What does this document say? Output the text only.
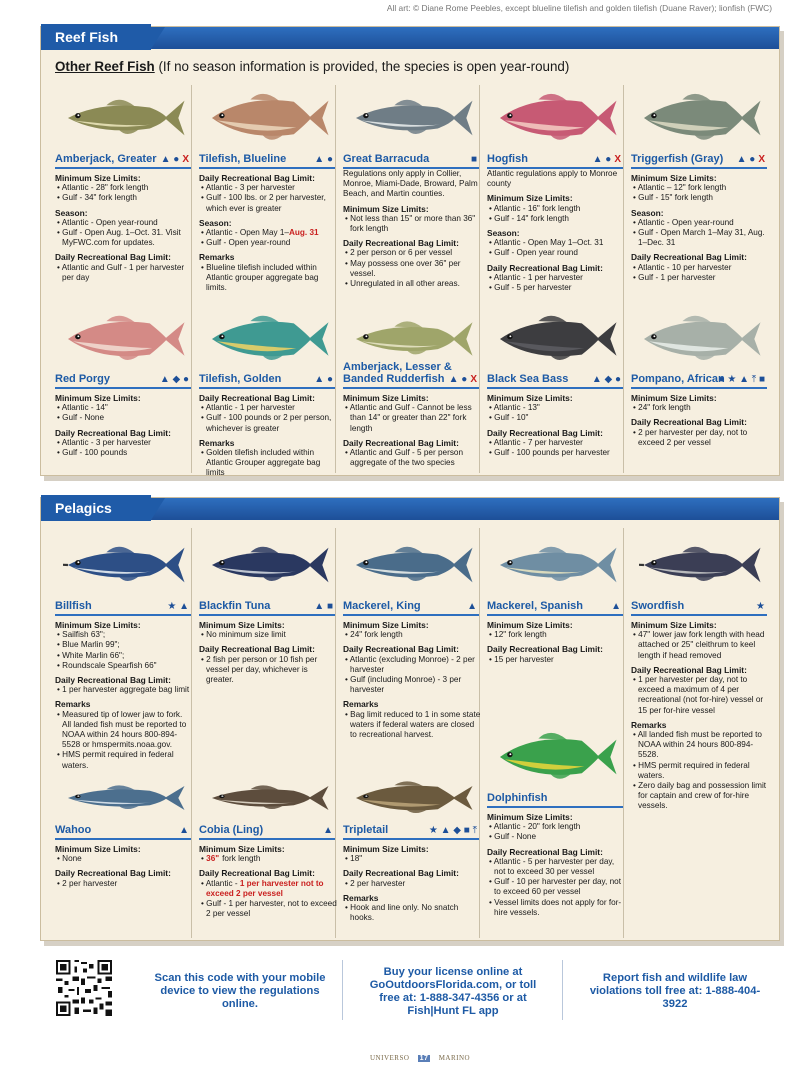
All art: © Diane Rome Peebles, except blueline tilefish and golden tilefish (Duane Raver); lionfish (FWC)
Reef Fish
Other Reef Fish (If no season information is provided, the species is open year-round)
Amberjack, Greater ▲ ● X
Minimum Size Limits:
• Atlantic - 28" fork length
• Gulf - 34" fork length
Season:
• Atlantic - Open year-round
• Gulf - Open Aug. 1–Oct. 31. Visit MyFWC.com for updates.
Daily Recreational Bag Limit:
• Atlantic and Gulf - 1 per harvester per day
Tilefish, Blueline	▲ ●
Daily Recreational Bag Limit:
• Atlantic - 3 per harvester
• Gulf - 100 lbs. or 2 per harvester, which ever is greater
Season:
• Atlantic - Open May 1–Aug. 31
• Gulf - Open year-round
Remarks
• Blueline tilefish included within Atlantic grouper aggregate bag limits.
Great Barracuda	■
Regulations only apply in Collier, Monroe, Miami-Dade, Broward, Palm Beach, and Martin counties.
Minimum Size Limits:
• Not less than 15" or more than 36" fork length
Daily Recreational Bag Limit:
• 2 per person or 6 per vessel
• May possess one over 36" per vessel.
• Unregulated in all other areas.
Hogfish	▲ ● X
Atlantic regulations apply to Monroe county
Minimum Size Limits:
• Atlantic - 16" fork length
• Gulf - 14" fork length
Season:
• Atlantic - Open May 1–Oct. 31
• Gulf - Open year round
Daily Recreational Bag Limit:
• Atlantic - 1 per harvester
• Gulf - 5 per harvester
Triggerfish (Gray) ▲ ● X
Minimum Size Limits:
• Atlantic – 12" fork length
• Gulf - 15" fork length
Season:
• Atlantic - Open year-round
• Gulf - Open March 1–May 31, Aug. 1–Dec. 31
Daily Recreational Bag Limit:
• Atlantic - 10 per harvester
• Gulf - 1 per harvester
Red Porgy	▲ ◆ ●
Minimum Size Limits:
• Atlantic - 14"
• Gulf - None
Daily Recreational Bag Limit:
• Atlantic - 3 per harvester
• Gulf - 100 pounds
Tilefish, Golden	▲ ●
Daily Recreational Bag Limit:
• Atlantic - 1 per harvester
• Gulf - 100 pounds or 2 per person, whichever is greater
Remarks
• Golden tilefish included within Atlantic Grouper aggregate bag limits
Amberjack, Lesser & Banded Rudderfish ▲ ● X
Minimum Size Limits:
• Atlantic and Gulf - Cannot be less than 14" or greater than 22" fork length
Daily Recreational Bag Limit:
• Atlantic and Gulf - 5 per person aggregate of the two species
Black Sea Bass ▲ ◆ ●
Minimum Size Limits:
• Atlantic - 13"
• Gulf - 10"
Daily Recreational Bag Limit:
• Atlantic - 7 per harvester
• Gulf - 100 pounds per harvester
Pompano, African
● ★ ▲ ⤒ ■
Minimum Size Limits:
• 24" fork length
Daily Recreational Bag Limit:
• 2 per harvester per day, not to exceed 2 per vessel
Pelagics
Billfish	★ ▲
Minimum Size Limits:
• Sailfish 63";
• Blue Marlin 99";
• White Marlin 66";
• Roundscale Spearfish 66"
Daily Recreational Bag Limit:
• 1 per harvester aggregate bag limit
Remarks
• Measured tip of lower jaw to fork. All landed fish must be reported to NOAA within 24 hours 800-894-5528 or hmspermits.noaa.gov.
• HMS permit required in federal waters.
Blackfin Tuna	▲ ■
Minimum Size Limits:
• No minimum size limit
Daily Recreational Bag Limit:
• 2 fish per person or 10 fish per vessel per day, whichever is greater.
Mackerel, King	▲
Minimum Size Limits:
• 24" fork length
Daily Recreational Bag Limit:
• Atlantic (excluding Monroe) - 2 per harvester
• Gulf (including Monroe) - 3 per harvester
Remarks
• Bag limit reduced to 1 in some state waters if federal waters are closed to recreational harvest.
Mackerel, Spanish	▲
Minimum Size Limits:
• 12" fork length
Daily Recreational Bag Limit:
• 15 per harvester
Swordfish	★
Minimum Size Limits:
• 47" lower jaw fork length with head attached or 25" cleithrum to keel length if head removed
Daily Recreational Bag Limit:
• 1 per harvester per day, not to exceed a maximum of 4 per recreational (not for-hire) vessel or 15 per for-hire vessel
Remarks
• All landed fish must be reported to NOAA within 24 hours 800-894-5528.
• HMS permit required in federal waters.
• Zero daily bag and possession limit for captain and crew of for-hire vessels.
Wahoo	▲
Minimum Size Limits:
• None
Daily Recreational Bag Limit:
• 2 per harvester
Cobia (Ling)	▲
Minimum Size Limits:
• 36" fork length
Daily Recreational Bag Limit:
• Atlantic - 1 per harvester not to exceed 2 per vessel
• Gulf - 1 per harvester, not to exceed 2 per vessel
Tripletail	★ ▲ ◆ ■ ⤒
Minimum Size Limits:
• 18"
Daily Recreational Bag Limit:
• 2 per harvester
Remarks
• Hook and line only. No snatch hooks.
Dolphinfish
Minimum Size Limits:
• Atlantic - 20" fork length
• Gulf - None
Daily Recreational Bag Limit:
• Atlantic - 5 per harvester per day, not to exceed 30 per vessel
• Gulf - 10 per harvester per day, not to exceed 60 per vessel
• Vessel limits does not apply for for-hire vessels.
Scan this code with your mobile device to view the regulations online.
Buy your license online at GoOutdoorsFlorida.com, or toll free at: 1-888-347-4356 or at Fish|Hunt FL app
Report fish and wildlife law violations toll free at: 1-888-404-3922
UNIVERSO 17 MARINO
